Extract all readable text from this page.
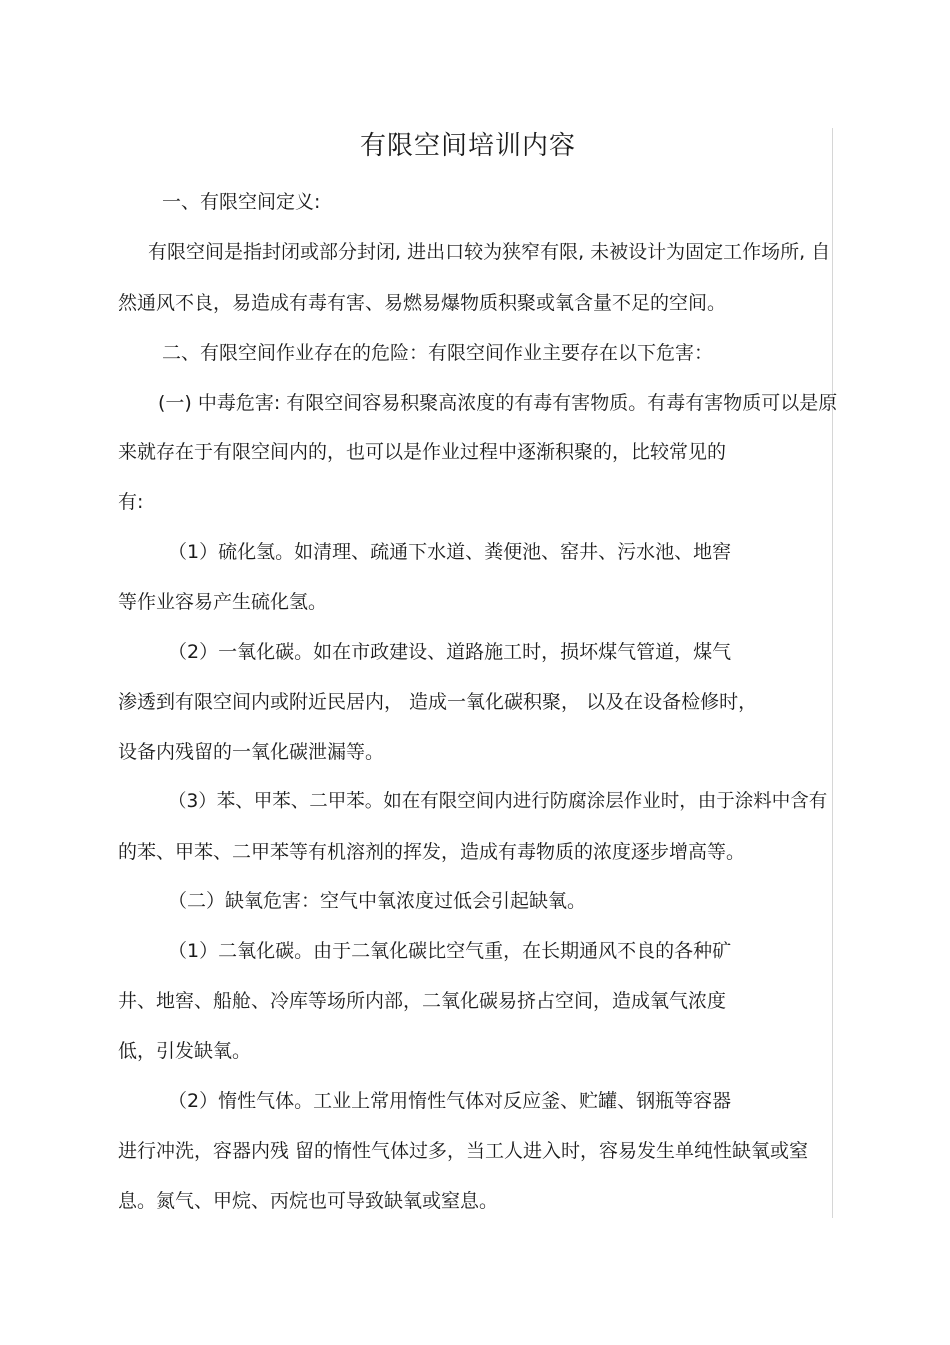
有限空间培训内容
一、有限空间定义:
有限空间是指封闭或部分封闭, 进出口较为狭窄有限, 未被设计为固定工作场所, 自
然通风不良，易造成有毒有害、易燃易爆物质积聚或氧含量不足的空间。
二、有限空间作业存在的危险：有限空间作业主要存在以下危害：
(一) 中毒危害: 有限空间容易积聚高浓度的有毒有害物质。有毒有害物质可以是原
来就存在于有限空间内的，也可以是作业过程中逐渐积聚的，比较常见的
有:
（1）硫化氢。如清理、疏通下水道、粪便池、窑井、污水池、地窖
等作业容易产生硫化氢。
（2）一氧化碳。如在市政建设、道路施工时，损坏煤气管道，煤气
渗透到有限空间内或附近民居内， 造成一氧化碳积聚， 以及在设备检修时，
设备内残留的一氧化碳泄漏等。
（3）苯、甲苯、二甲苯。如在有限空间内进行防腐涂层作业时，由于涂料中含有
的苯、甲苯、二甲苯等有机溶剂的挥发，造成有毒物质的浓度逐步增高等。
（二）缺氧危害：空气中氧浓度过低会引起缺氧。
（1）二氧化碳。由于二氧化碳比空气重，在长期通风不良的各种矿
井、地窖、船舱、冷库等场所内部，二氧化碳易挤占空间，造成氧气浓度
低，引发缺氧。
（2）惰性气体。工业上常用惰性气体对反应釜、贮罐、钢瓶等容器
进行冲洗，容器内残 留的惰性气体过多，当工人进入时，容易发生单纯性缺氧或窒
息。氮气、甲烷、丙烷也可导致缺氧或窒息。
